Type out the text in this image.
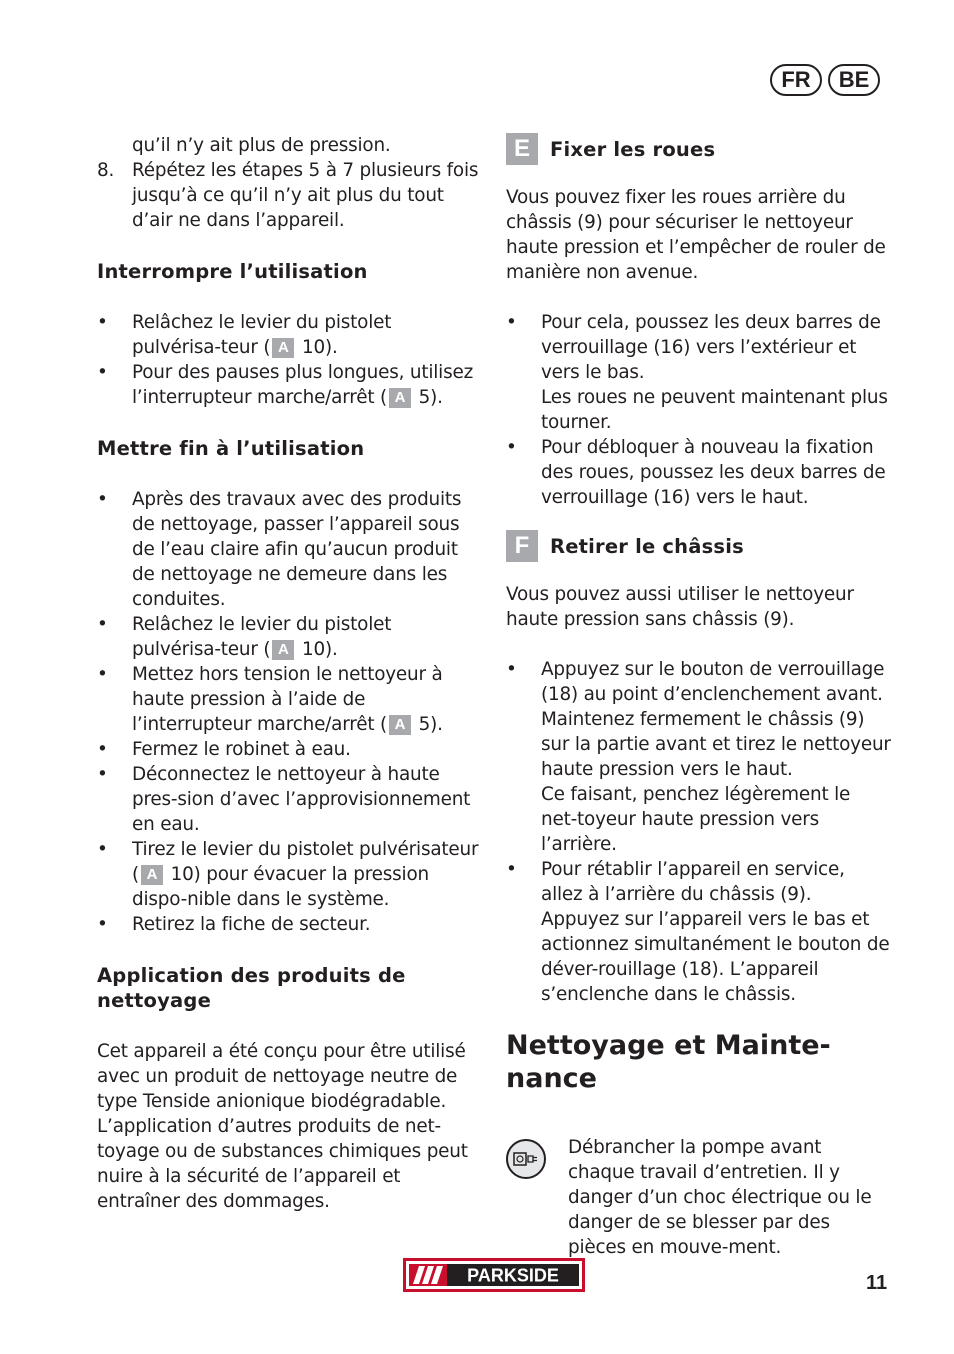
FR	BE

qu’il n’y ait plus de pression.

8. Répétez les étapes 5 à 7 plusieurs fois jusqu’à ce qu’il n’y ait plus du tout d’air ne dans l’appareil.
Interrompre l’utilisation
• Relâchez le levier du pistolet pulvérisa-teur ( A 10).
• Pour des pauses plus longues, utilisez l’interrupteur marche/arrêt ( A 5).
Mettre fin à l’utilisation
• Après des travaux avec des produits de nettoyage, passer l’appareil sous de l’eau claire afin qu’aucun produit de nettoyage ne demeure dans les conduites.
• Relâchez le levier du pistolet pulvérisa-teur ( A 10).
• Mettez hors tension le nettoyeur à haute pression à l’aide de l’interrupteur marche/arrêt ( A 5).
• Fermez le robinet à eau.
• Déconnectez le nettoyeur à haute pres-sion d’avec l’approvisionnement en eau.
• Tirez le levier du pistolet pulvérisateur ( A 10) pour évacuer la pression dispo-nible dans le système.
• Retirez la fiche de secteur.
Application des produits de nettoyage

Cet appareil a été conçu pour être utilisé avec un produit de nettoyage neutre de type Tenside anionique biodégradable. L’application d’autres produits de net-toyage ou de substances chimiques peut nuire à la sécurité de l’appareil et entraîner des dommages.

E	Fixer les roues

Vous pouvez fixer les roues arrière du châssis (9) pour sécuriser le nettoyeur haute pression et l’empêcher de rouler de manière non avenue.

• Pour cela, poussez les deux barres de verrouillage (16) vers l’extérieur et vers le bas.

Les roues ne peuvent maintenant plus tourner.

• Pour débloquer à nouveau la fixation des roues, poussez les deux barres de verrouillage (16) vers le haut.
F	Retirer le châssis

Vous pouvez aussi utiliser le nettoyeur haute pression sans châssis (9).

• Appuyez sur le bouton de verrouillage (18) au point d’enclenchement avant. Maintenez fermement le châssis (9) sur la partie avant et tirez le nettoyeur haute pression vers le haut.

Ce faisant, penchez légèrement le net-toyeur haute pression vers l’arrière.

• Pour rétablir l’appareil en service, allez à l’arrière du châssis (9). Appuyez sur l’appareil vers le bas et actionnez simultanément le bouton de déver-rouillage (18). L’appareil s’enclenche dans le châssis.
Nettoyage et Mainte-nance

Débrancher la pompe avant chaque travail d’entretien. Il y danger d’un choc électrique ou le danger de se blesser par des pièces en mouve-ment.

PARKSIDE	11
